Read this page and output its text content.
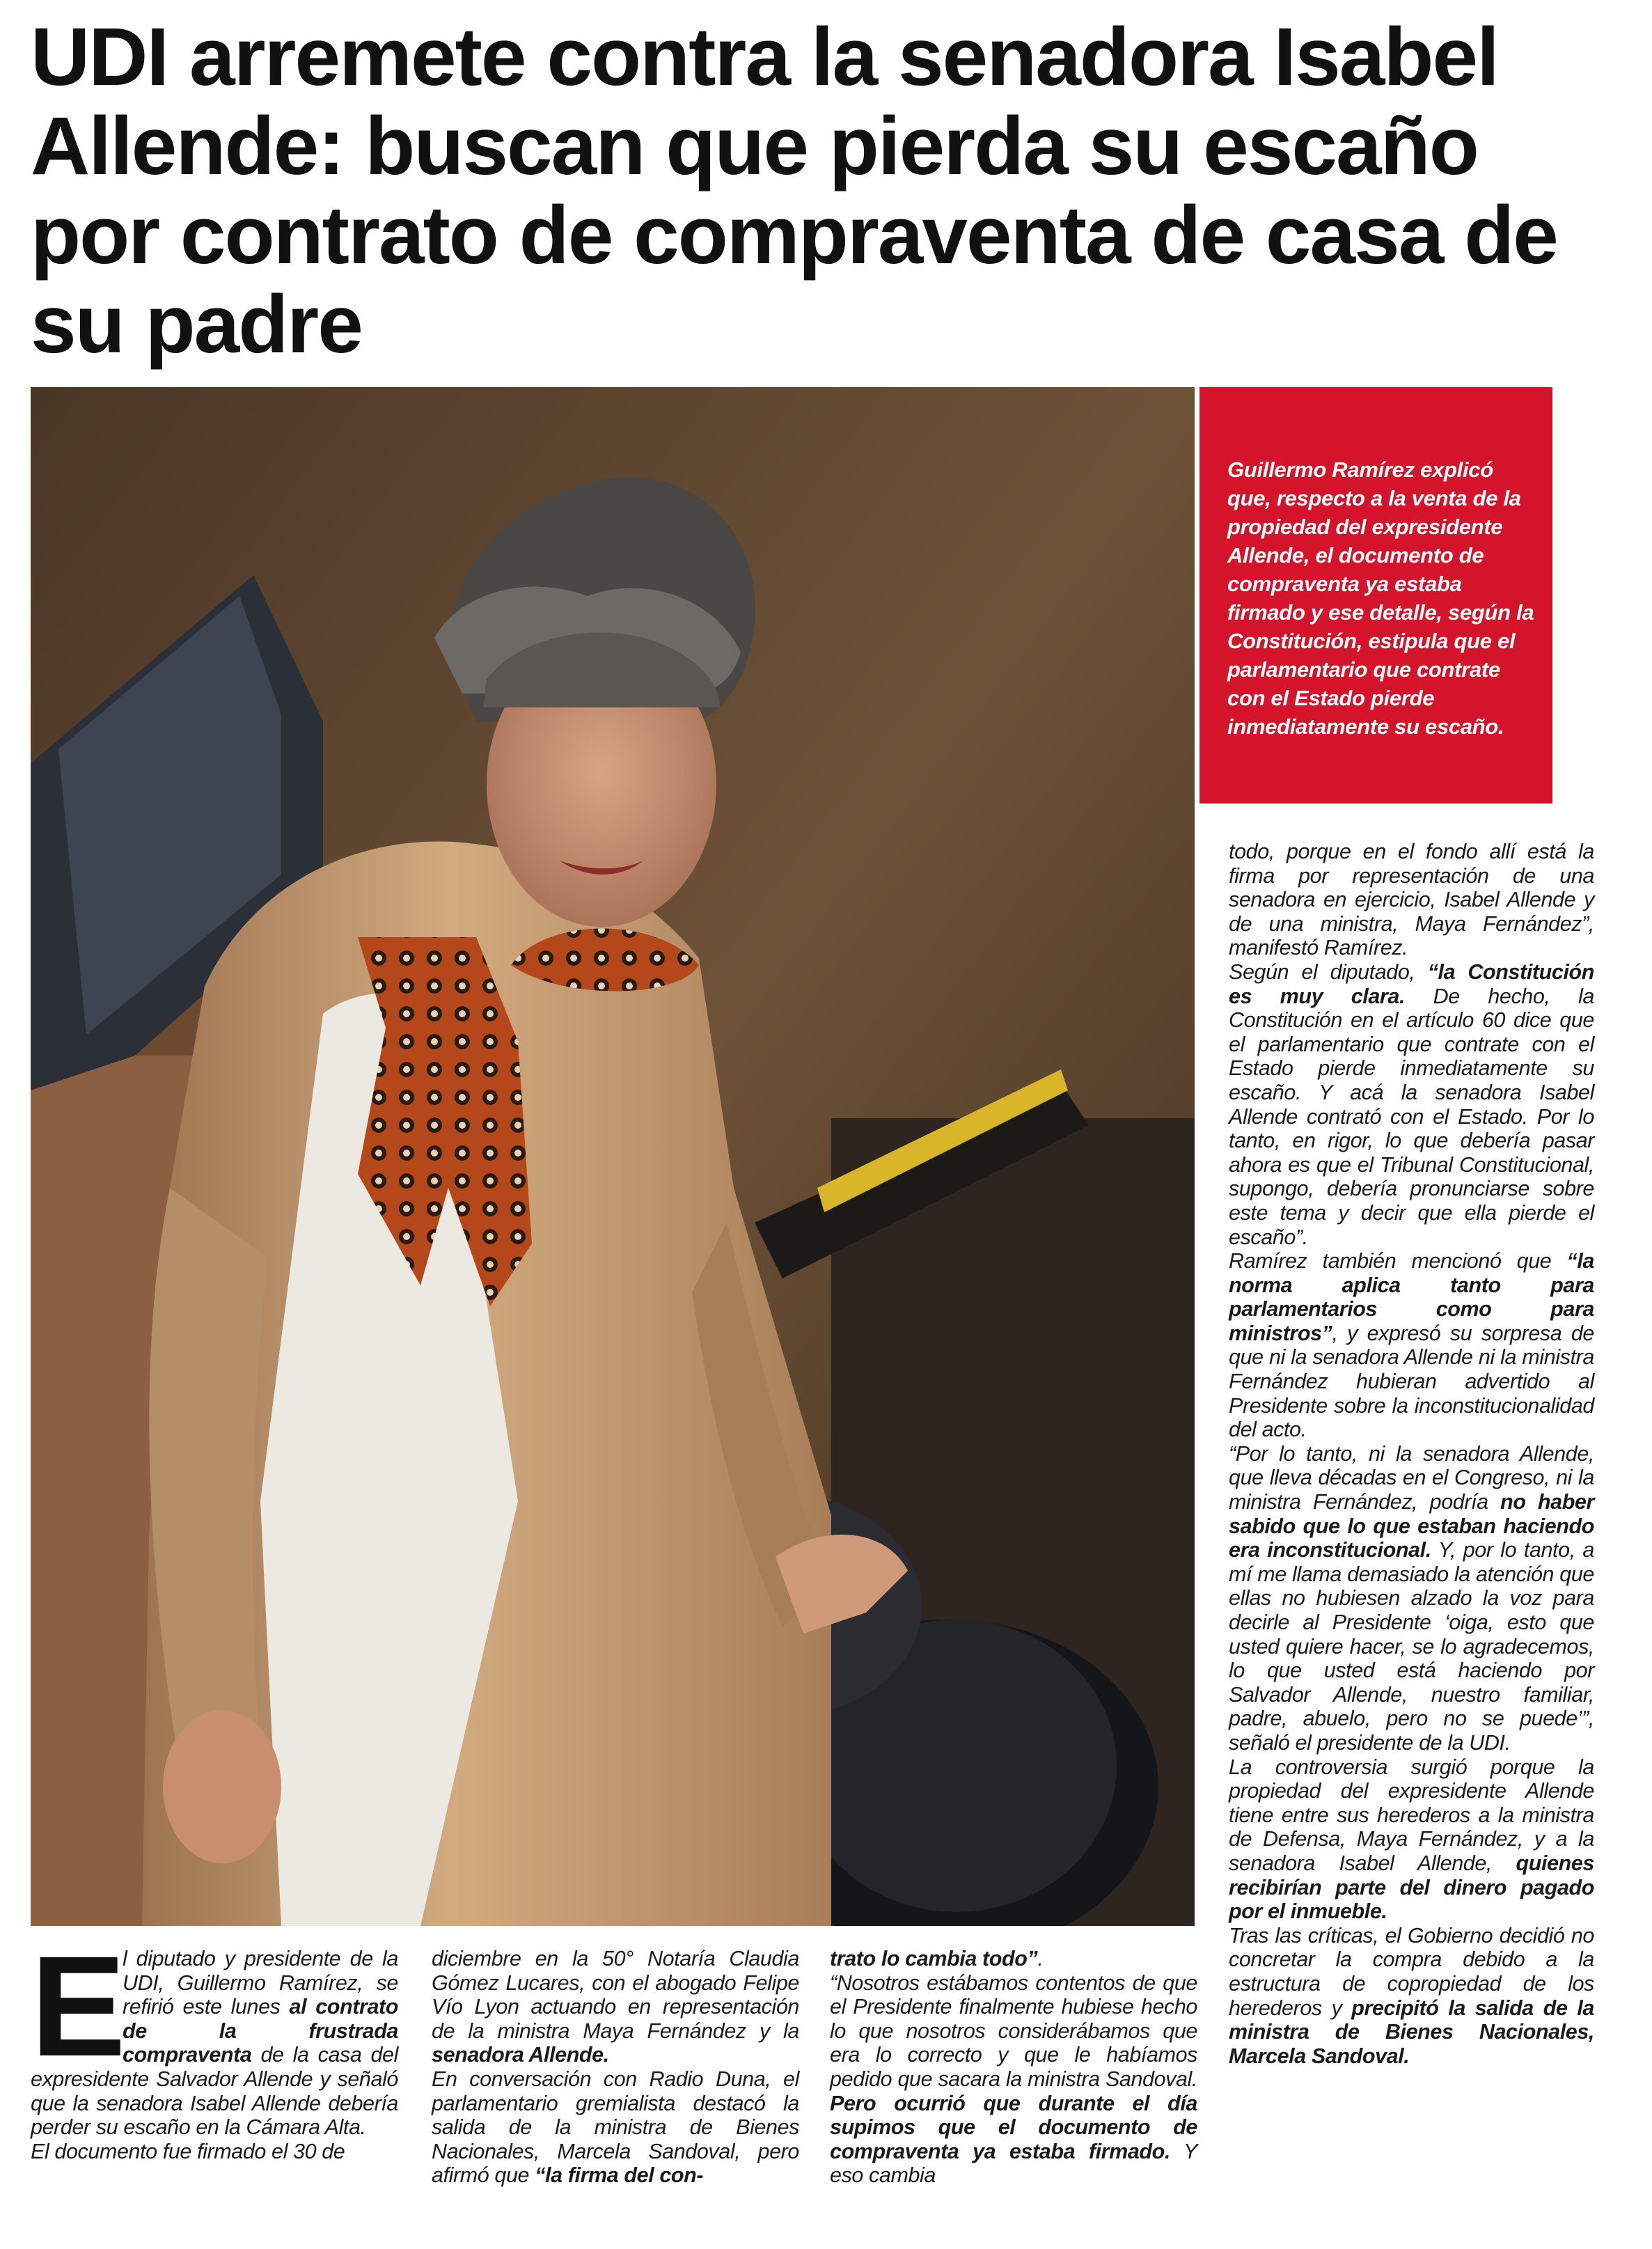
UDI arremete contra la senadora Isabel Allende: buscan que pierda su escaño por contrato de compraventa de casa de su padre

Guillermo Ramírez explicó que, respecto a la venta de la propiedad del expresidente Allende, el documento de compraventa ya estaba firmado y ese detalle, según la Constitución, estipula que el parlamentario que contrate con el Estado pierde inmediatamente su escaño.

E

l diputado y presidente de la UDI, Guillermo Ramírez, se refirió este lunes al contrato de la frustrada compraventa de la casa del expresidente Salvador Allende y señaló que la senadora Isabel Allende debería perder su escaño en la Cámara Alta.

El documento fue firmado el 30 de

diciembre en la 50° Notaría Claudia Gómez Lucares, con el abogado Felipe Vío Lyon actuando en representación de la ministra Maya Fernández y la senadora Allende.

En conversación con Radio Duna, el parlamentario gremialista destacó la salida de la ministra de Bienes Nacionales, Marcela Sandoval, pero afirmó que “la firma del con-

trato lo cambia todo”.

“Nosotros estábamos contentos de que el Presidente finalmente hubiese hecho lo que nosotros considerábamos que era lo correcto y que le habíamos pedido que sacara la ministra Sandoval. Pero ocurrió que durante el día supimos que el documento de compraventa ya estaba firmado. Y eso cambia

todo, porque en el fondo allí está la firma por representación de una senadora en ejercicio, Isabel Allende y de una ministra, Maya Fernández”, manifestó Ramírez.

Según el diputado, “la Constitución es muy clara. De hecho, la Constitución en el artículo 60 dice que el parlamentario que contrate con el Estado pierde inmediatamente su escaño. Y acá la senadora Isabel Allende contrató con el Estado. Por lo tanto, en rigor, lo que debería pasar ahora es que el Tribunal Constitucional, supongo, debería pronunciarse sobre este tema y decir que ella pierde el escaño”.

Ramírez también mencionó que “la norma aplica tanto para parlamentarios como para ministros”, y expresó su sorpresa de que ni la senadora Allende ni la ministra Fernández hubieran advertido al Presidente sobre la inconstitucionalidad del acto.

“Por lo tanto, ni la senadora Allende, que lleva décadas en el Congreso, ni la ministra Fernández, podría no haber sabido que lo que estaban haciendo era inconstitucional. Y, por lo tanto, a mí me llama demasiado la atención que ellas no hubiesen alzado la voz para decirle al Presidente ‘oiga, esto que usted quiere hacer, se lo agradecemos, lo que usted está haciendo por Salvador Allende, nuestro familiar, padre, abuelo, pero no se puede’”, señaló el presidente de la UDI.

La controversia surgió porque la propiedad del expresidente Allende tiene entre sus herederos a la ministra de Defensa, Maya Fernández, y a la senadora Isabel Allende, quienes recibirían parte del dinero pagado por el inmueble.

Tras las críticas, el Gobierno decidió no concretar la compra debido a la estructura de copropiedad de los herederos y precipitó la salida de la ministra de Bienes Nacionales, Marcela Sandoval.
